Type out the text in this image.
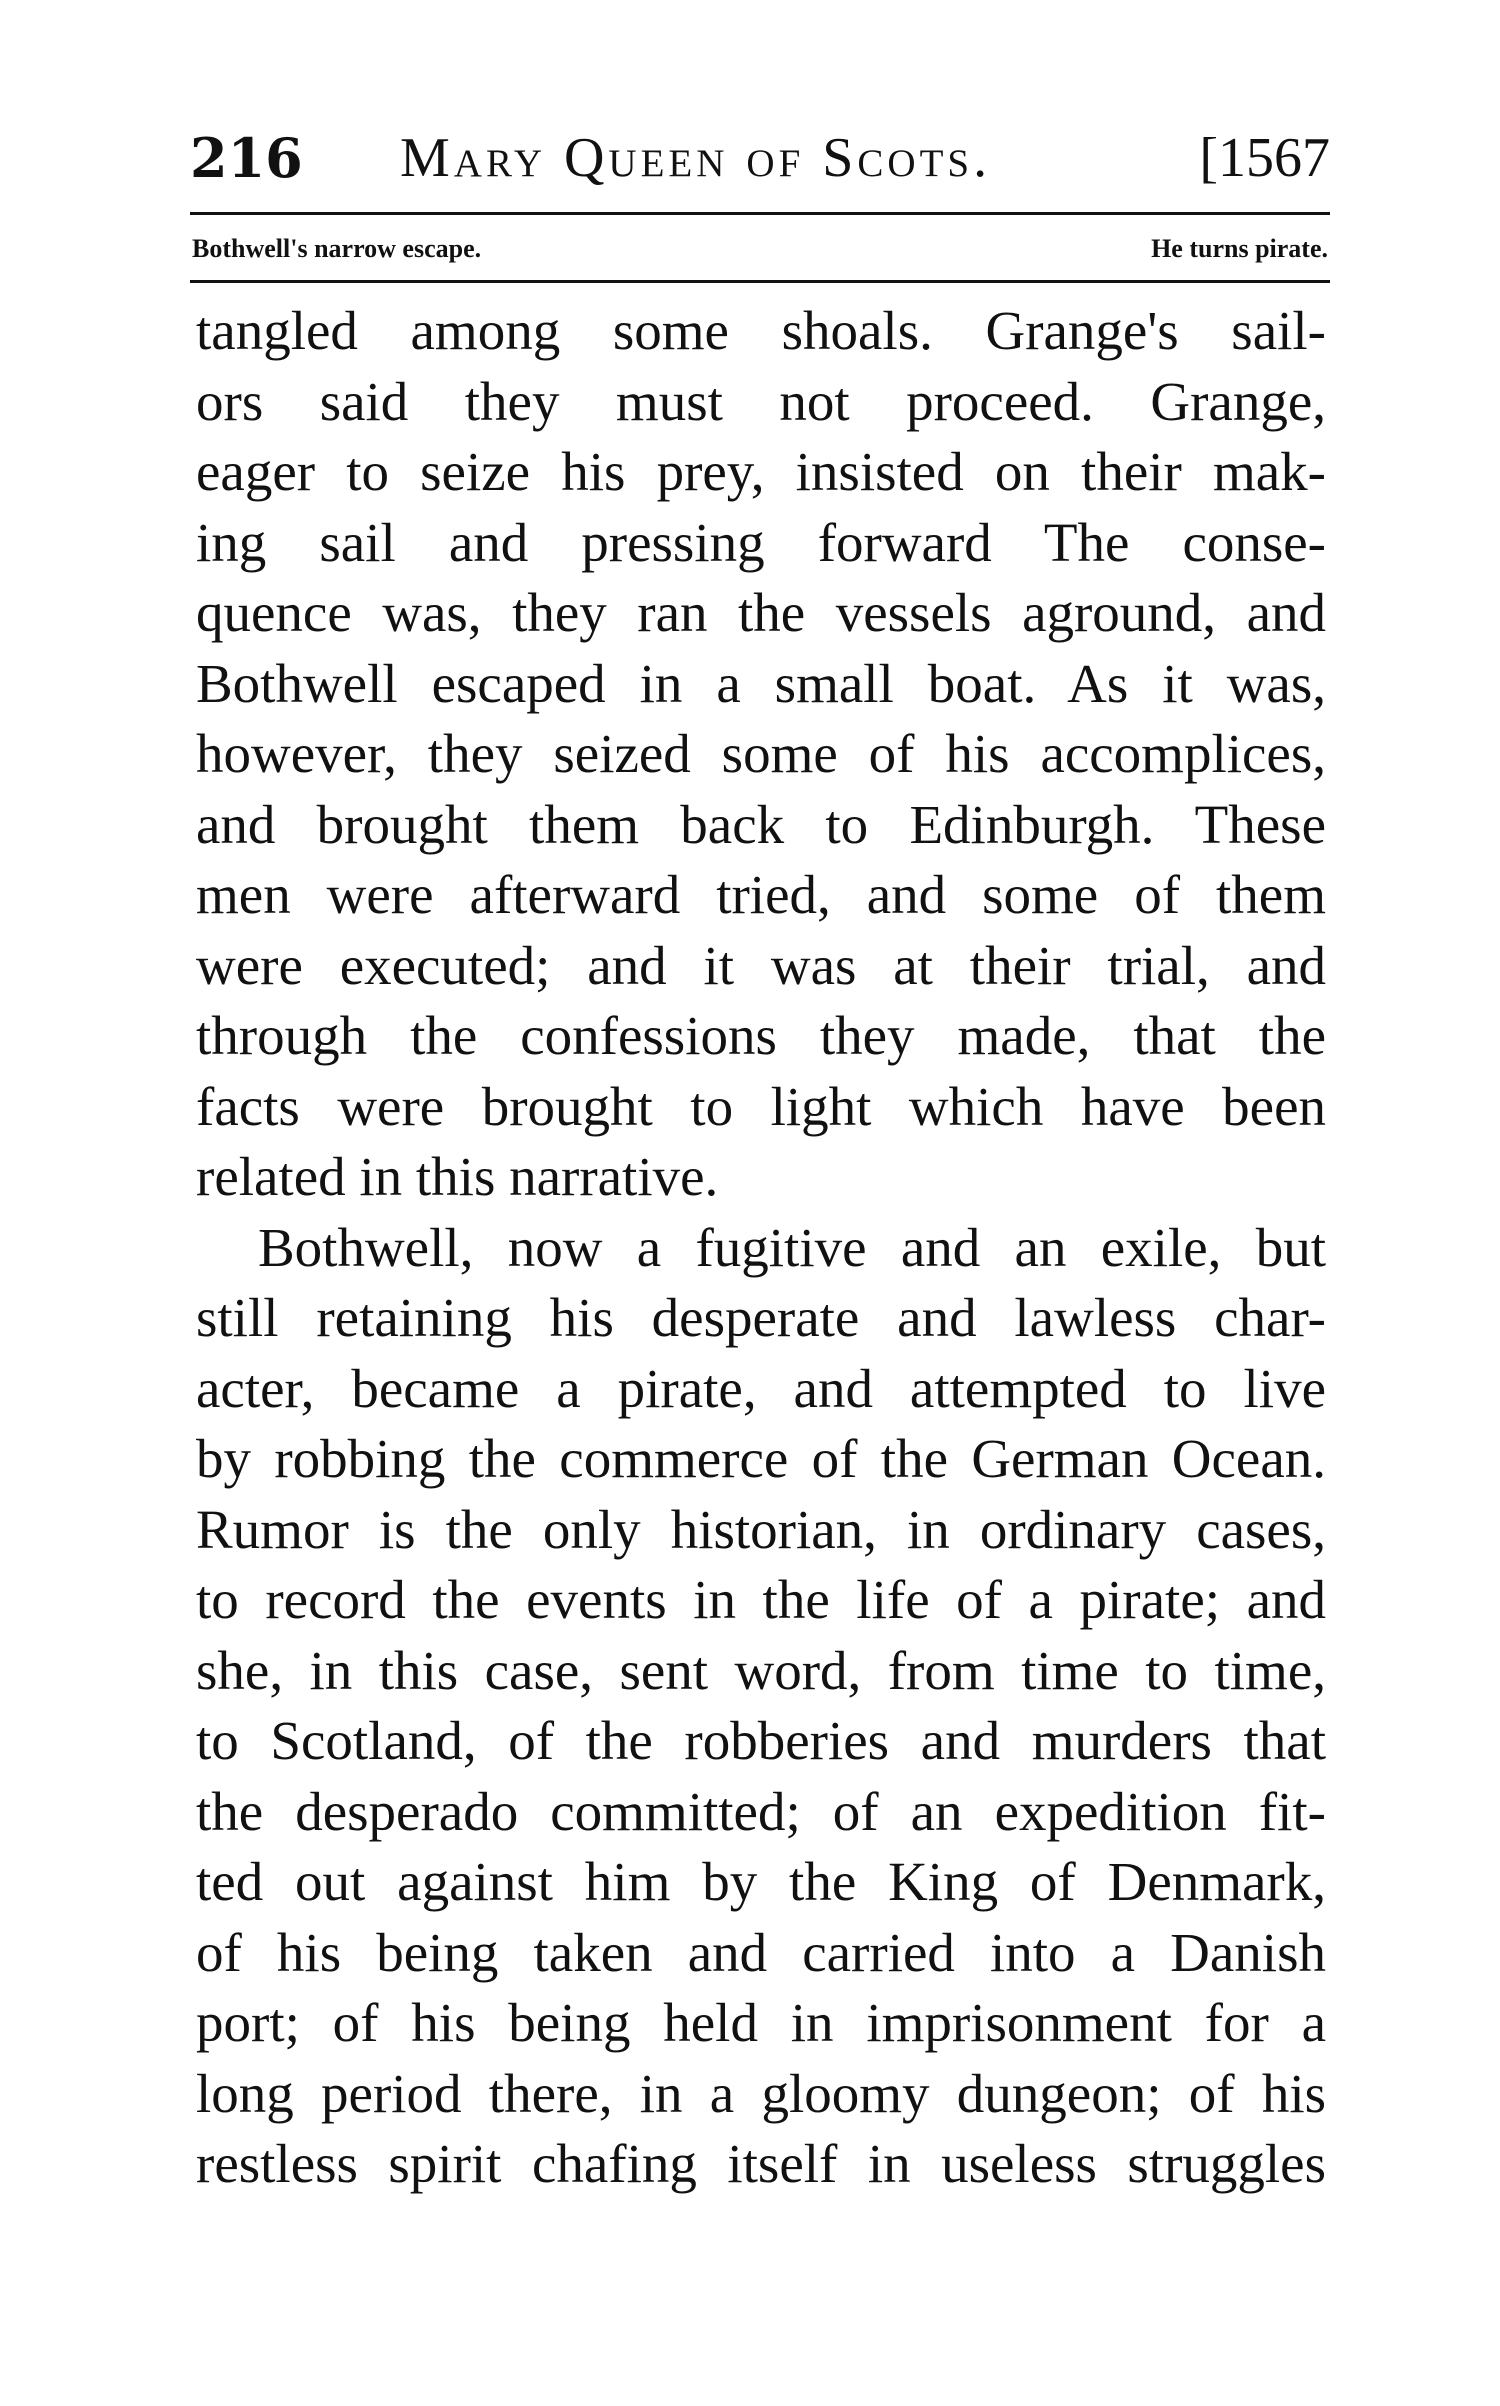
216 Mary Queen of Scots.	[1567
Bothwell's narrow escape.	He turns pirate.
tangled among some shoals. Grange's sail-
ors said they must not proceed. Grange,
eager to seize his prey, insisted on their mak-
ing sail and pressing forward The conse-
quence was, they ran the vessels aground, and
Bothwell escaped in a small boat. As it was,
however, they seized some of his accomplices,
and brought them back to Edinburgh. These
men were afterward tried, and some of them
were executed; and it was at their trial, and
through the confessions they made, that the
facts were brought to light which have been
related in this narrative.
Bothwell, now a fugitive and an exile, but
still retaining his desperate and lawless char-
acter, became a pirate, and attempted to live
by robbing the commerce of the German Ocean.
Rumor is the only historian, in ordinary cases,
to record the events in the life of a pirate; and
she, in this case, sent word, from time to time,
to Scotland, of the robberies and murders that
the desperado committed; of an expedition fit-
ted out against him by the King of Denmark,
of his being taken and carried into a Danish
port; of his being held in imprisonment for a
long period there, in a gloomy dungeon; of his
restless spirit chafing itself in useless struggles
